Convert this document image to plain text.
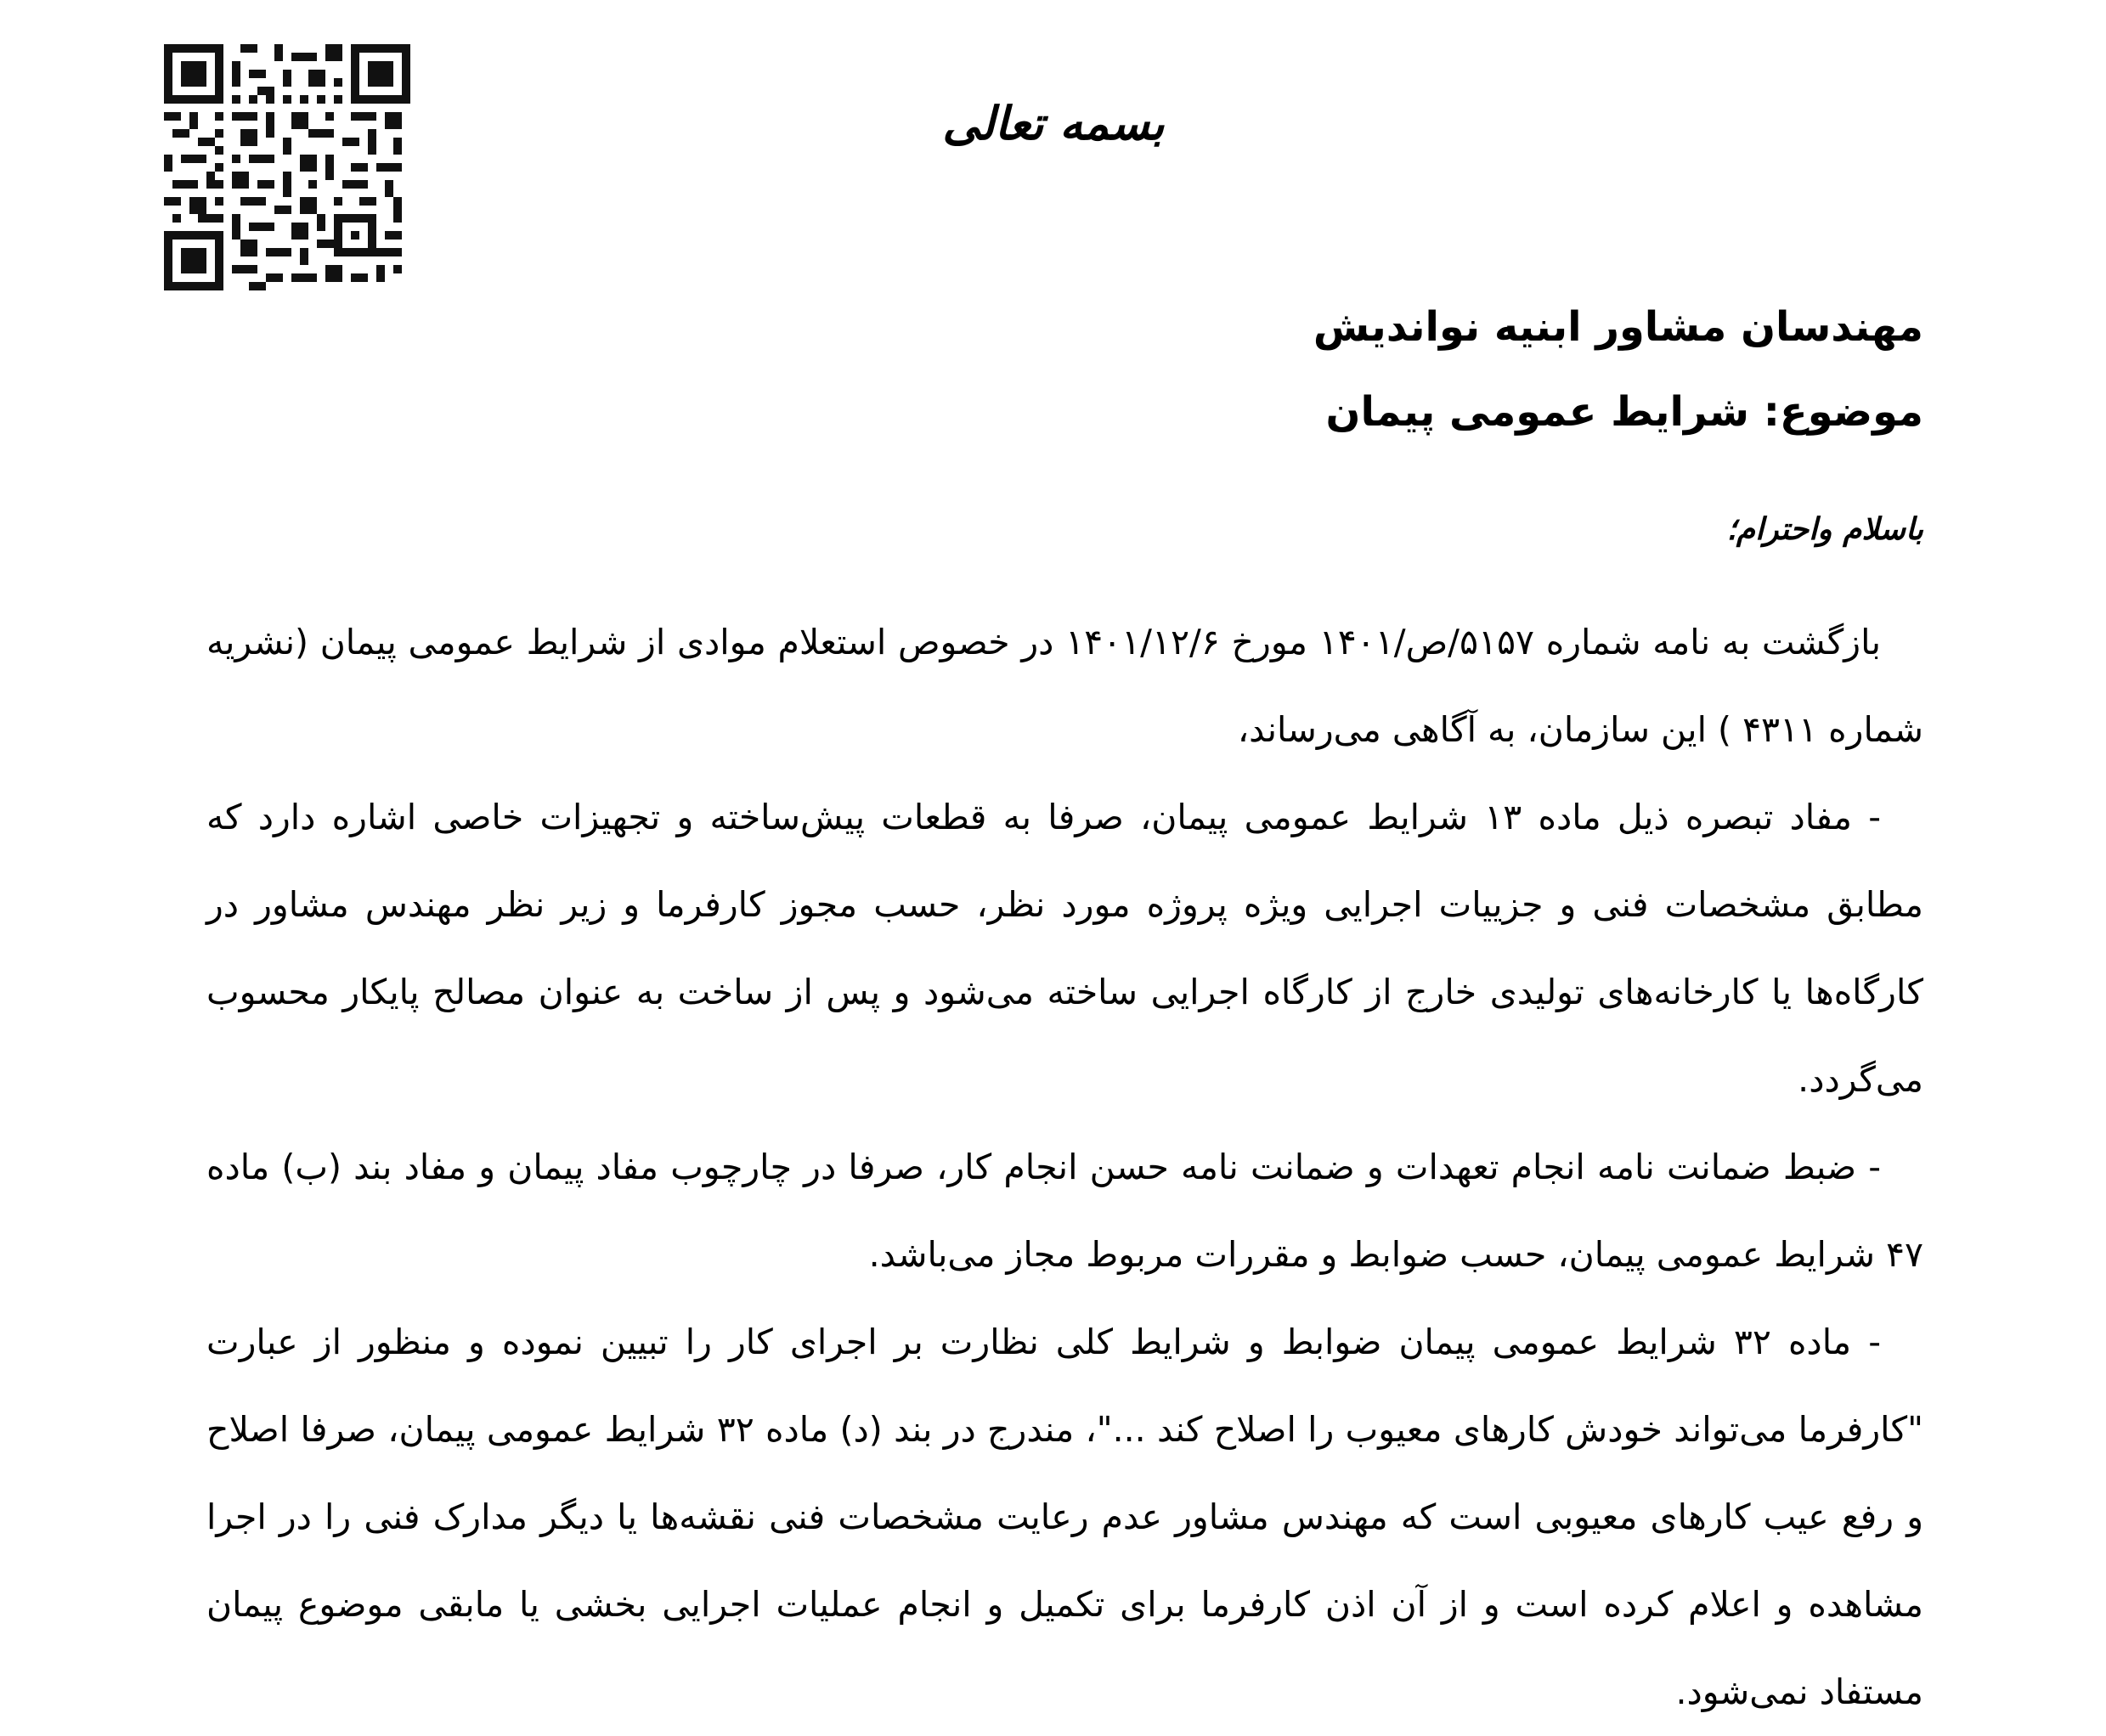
بسمه تعالی
مهندسان مشاور ابنیه نواندیش
موضوع: شرایط عمومی پیمان
باسلام واحترام؛

بازگشت به نامه شماره ۵۱۵۷/ص/۱۴۰۱ مورخ ۱۴۰۱/۱۲/۶ در خصوص استعلام موادی از شرایط عمومی پیمان (نشریه شماره ۴۳۱۱ ) این سازمان، به آگاهی می‌رساند،

- مفاد تبصره ذیل ماده ۱۳ شرایط عمومی پیمان، صرفا به قطعات پیش‌ساخته و تجهیزات خاصی اشاره دارد که مطابق مشخصات فنی و جزییات اجرایی ویژه پروژه مورد نظر، حسب مجوز کارفرما و زیر نظر مهندس مشاور در کارگاه‌ها یا کارخانه‌های تولیدی خارج از کارگاه اجرایی ساخته می‌شود و پس از ساخت به عنوان مصالح پایکار محسوب می‌گردد.

- ضبط ضمانت نامه انجام تعهدات و ضمانت نامه حسن انجام کار، صرفا در چارچوب مفاد پیمان و مفاد بند (ب) ماده ۴۷ شرایط عمومی پیمان، حسب ضوابط و مقررات مربوط مجاز می‌باشد.

- ماده ۳۲ شرایط عمومی پیمان ضوابط و شرایط کلی نظارت بر اجرای کار را تبیین نموده و منظور از عبارت "کارفرما می‌تواند خودش کارهای معیوب را اصلاح کند ..."، مندرج در بند (د) ماده ۳۲ شرایط عمومی پیمان، صرفا اصلاح و رفع عیب کارهای معیوبی است که مهندس مشاور عدم رعایت مشخصات فنی نقشه‌ها یا دیگر مدارک فنی را در اجرا مشاهده و اعلام کرده است و از آن اذن کارفرما برای تکمیل و انجام عملیات اجرایی بخشی یا مابقی موضوع پیمان مستفاد نمی‌شود.
